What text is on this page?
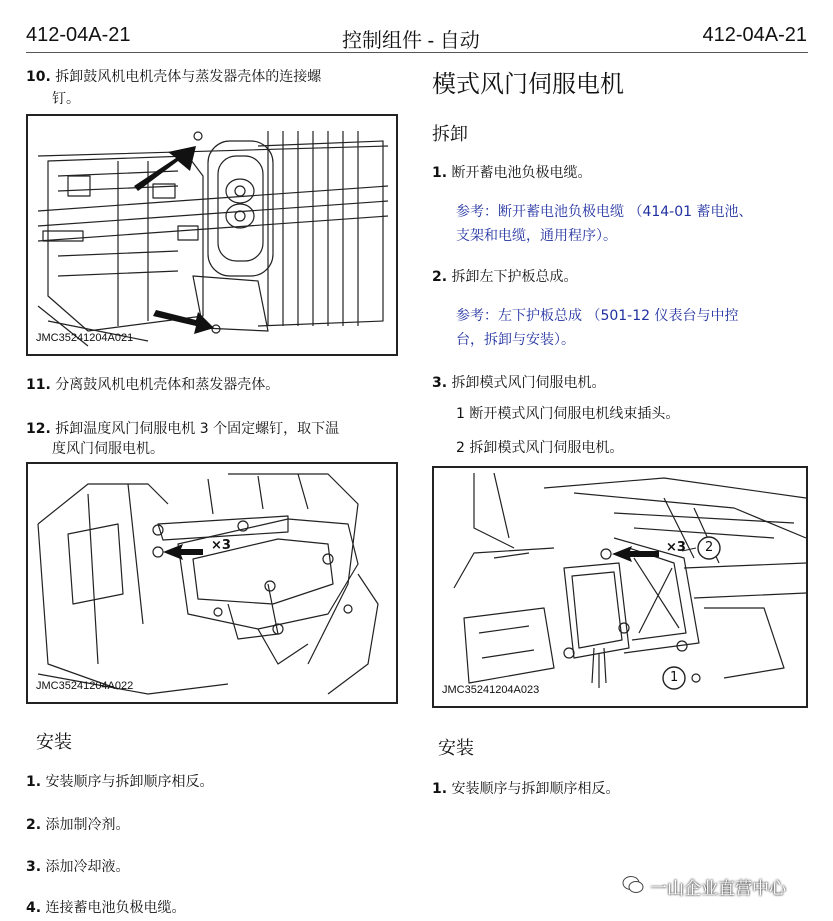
412-04A-21	控制组件 - 自动	412-04A-21
10. 拆卸鼓风机电机壳体与蒸发器壳体的连接螺
钉。
JMC35241204A021
11. 分离鼓风机电机壳体和蒸发器壳体。
12. 拆卸温度风门伺服电机 3 个固定螺钉，取下温
度风门伺服电机。
×3
JMC35241204A022
安装
1. 安装顺序与拆卸顺序相反。
2. 添加制冷剂。
3. 添加冷却液。
4. 连接蓄电池负极电缆。
模式风门伺服电机
拆卸
1. 断开蓄电池负极电缆。
参考：断开蓄电池负极电缆 （414-01 蓄电池、
支架和电缆，通用程序）。
2. 拆卸左下护板总成。
参考：左下护板总成 （501-12 仪表台与中控
台，拆卸与安装）。
3. 拆卸模式风门伺服电机。
1 断开模式风门伺服电机线束插头。
2 拆卸模式风门伺服电机。
×3 2
1
JMC35241204A023
安装
1. 安装顺序与拆卸顺序相反。
一山企业直营中心
